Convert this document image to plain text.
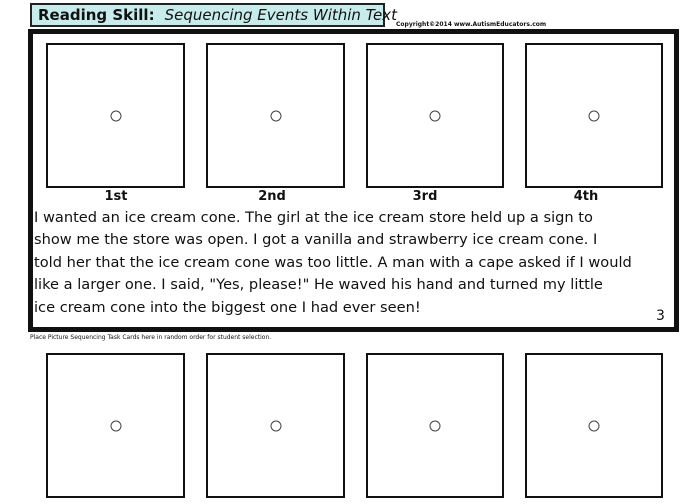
Reading Skill: Sequencing Events Within Text
Copyright©2014 www.AutismEducators.com
1st	2nd	3rd	4th
I wanted an ice cream cone. The girl at the ice cream store held up a sign to
show me the store was open. I got a vanilla and strawberry ice cream cone. I
told her that the ice cream cone was too little. A man with a cape asked if I would
like a larger one. I said, "Yes, please!" He waved his hand and turned my little
ice cream cone into the biggest one I had ever seen!
3
Place Picture Sequencing Task Cards here in random order for student selection.
